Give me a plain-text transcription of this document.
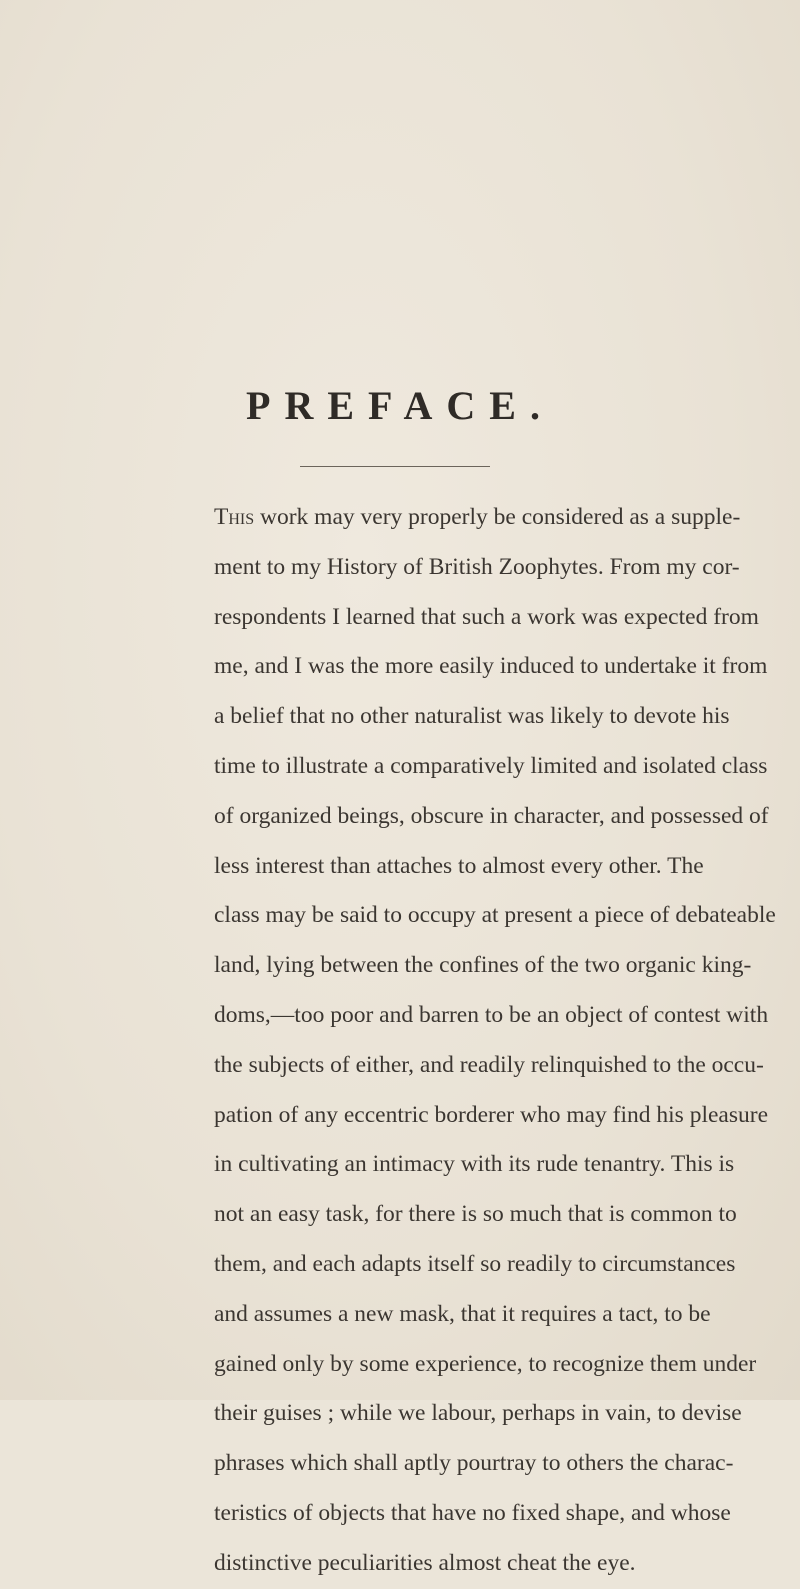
PREFACE.
This work may very properly be considered as a supple-
ment to my History of British Zoophytes. From my cor-
respondents I learned that such a work was expected from
me, and I was the more easily induced to undertake it from
a belief that no other naturalist was likely to devote his
time to illustrate a comparatively limited and isolated class
of organized beings, obscure in character, and possessed of
less interest than attaches to almost every other. The
class may be said to occupy at present a piece of debateable
land, lying between the confines of the two organic king-
doms,—too poor and barren to be an object of contest with
the subjects of either, and readily relinquished to the occu-
pation of any eccentric borderer who may find his pleasure
in cultivating an intimacy with its rude tenantry. This is
not an easy task, for there is so much that is common to
them, and each adapts itself so readily to circumstances
and assumes a new mask, that it requires a tact, to be
gained only by some experience, to recognize them under
their guises ; while we labour, perhaps in vain, to devise
phrases which shall aptly pourtray to others the charac-
teristics of objects that have no fixed shape, and whose
distinctive peculiarities almost cheat the eye.
